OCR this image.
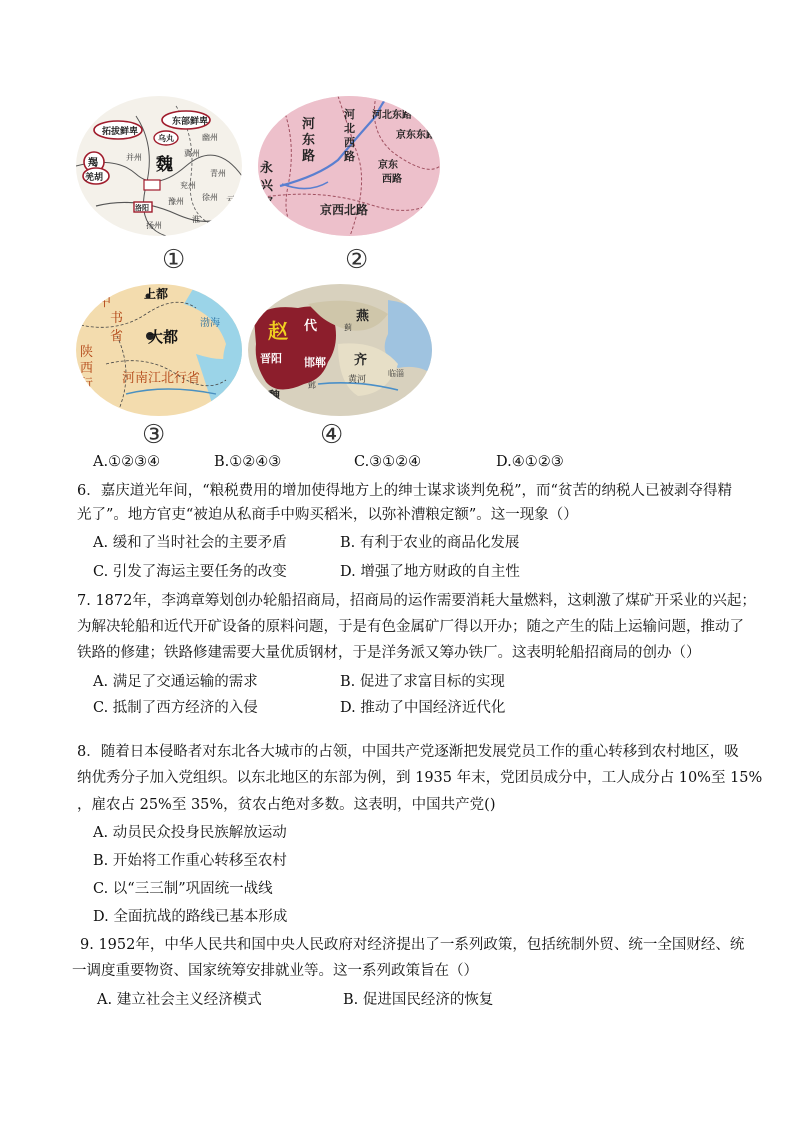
东部鲜卑
拓拔鲜卑
乌丸
魏
羯
羌胡
洛阳
幽州
冀州
兖州
青州
并州
徐州
豫州
淮
扬州
亏
①
河
东
路
河
北
西
路
河北东路
京东东路
京东
西路
京西北路
永
兴
军
②
上都
中
书
省 大都
陕
西
行
省
河南江北行省
渤海
③
赵 代
燕
蓟
晋阳 邯郸 齐
黄河
临淄
魏
邺
④
A.①②③④	B.①②④③	C.③①②④	D.④①②③
6．嘉庆道光年间，“粮税费用的增加使得地方上的绅士谋求谈判免税”，而“贫苦的纳税人已被剥夺得精
光了”。地方官吏“被迫从私商手中购买稻米，以弥补漕粮定额”。这一现象（）
A. 缓和了当时社会的主要矛盾	B. 有利于农业的商品化发展
C. 引发了海运主要任务的改变	D. 增强了地方财政的自主性
7. 1872年，李鸿章筹划创办轮船招商局，招商局的运作需要消耗大量燃料，这刺激了煤矿开采业的兴起；
为解决轮船和近代开矿设备的原料问题，于是有色金属矿厂得以开办；随之产生的陆上运输问题，推动了
铁路的修建；铁路修建需要大量优质钢材，于是洋务派又筹办铁厂。这表明轮船招商局的创办（）
A. 满足了交通运输的需求	B. 促进了求富目标的实现
C. 抵制了西方经济的入侵	D. 推动了中国经济近代化
8．随着日本侵略者对东北各大城市的占领，中国共产党逐渐把发展党员工作的重心转移到农村地区，吸
纳优秀分子加入党组织。以东北地区的东部为例，到 1935 年末，党团员成分中，工人成分占 10%至 15%
，雇农占 25%至 35%，贫农占绝对多数。这表明，中国共产党()
A. 动员民众投身民族解放运动
B. 开始将工作重心转移至农村
C. 以“三三制”巩固统一战线
D. 全面抗战的路线已基本形成
9. 1952年，中华人民共和国中央人民政府对经济提出了一系列政策，包括统制外贸、统一全国财经、统
一调度重要物资、国家统筹安排就业等。这一系列政策旨在（）
A. 建立社会主义经济模式	B. 促进国民经济的恢复
